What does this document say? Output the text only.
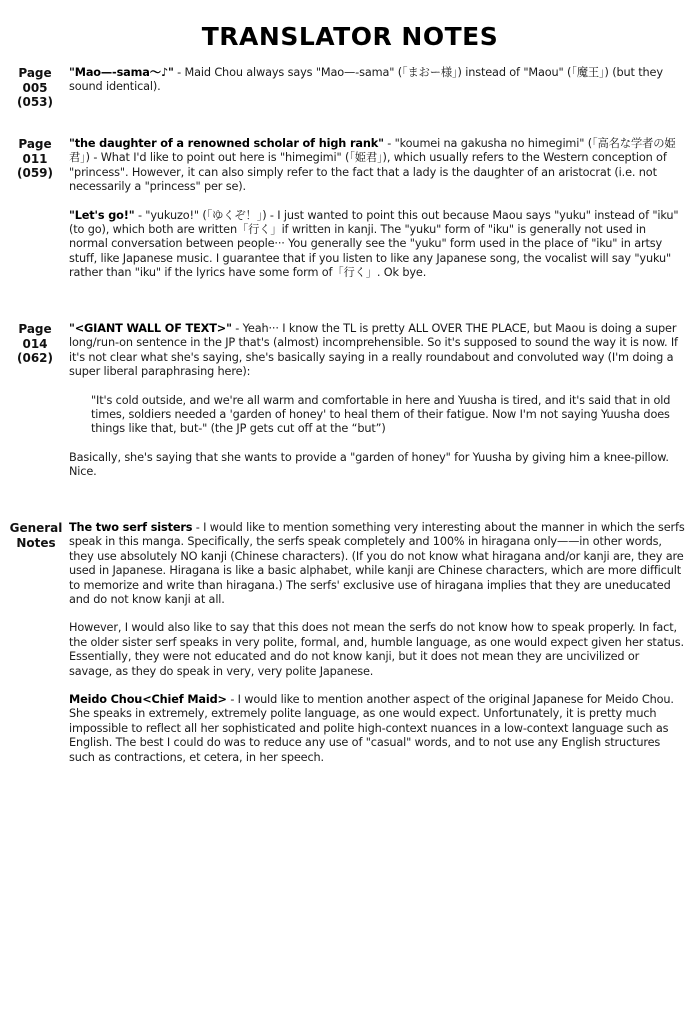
TRANSLATOR NOTES
Page
005
(053)

"Mao—-sama～♪" - Maid Chou always says "Mao—-sama" (「まおー様」) instead of "Maou" (「魔王」) (but they sound identical).

Page
011
(059)

"the daughter of a renowned scholar of high rank" - "koumei na gakusha no himegimi" (「高名な学者の姫君」) - What I'd like to point out here is "himegimi" (「姫君」), which usually refers to the Western conception of "princess". However, it can also simply refer to the fact that a lady is the daughter of an aristocrat (i.e. not necessarily a "princess" per se).

"Let's go!" - "yukuzo!" (「ゆくぞ！」) - I just wanted to point this out because Maou says "yuku" instead of "iku" (to go), which both are written「行く」if written in kanji. The "yuku" form of "iku" is generally not used in normal conversation between people··· You generally see the "yuku" form used in the place of "iku" in artsy stuff, like Japanese music. I guarantee that if you listen to like any Japanese song, the vocalist will say "yuku" rather than "iku" if the lyrics have some form of「行く」. Ok bye.

Page
014
(062)

"<GIANT WALL OF TEXT>" - Yeah··· I know the TL is pretty ALL OVER THE PLACE, but Maou is doing a super long/run-on sentence in the JP that's (almost) incomprehensible. So it's supposed to sound the way it is now. If it's not clear what she's saying, she's basically saying in a really roundabout and convoluted way (I'm doing a super liberal paraphrasing here):

"It's cold outside, and we're all warm and comfortable in here and Yuusha is tired, and it's said that in old times, soldiers needed a 'garden of honey' to heal them of their fatigue. Now I'm not saying Yuusha does things like that, but-" (the JP gets cut off at the “but”)

Basically, she's saying that she wants to provide a "garden of honey" for Yuusha by giving him a knee-pillow. Nice.

General
Notes

The two serf sisters - I would like to mention something very interesting about the manner in which the serfs speak in this manga. Specifically, the serfs speak completely and 100% in hiragana only——in other words, they use absolutely NO kanji (Chinese characters). (If you do not know what hiragana and/or kanji are, they are used in Japanese. Hiragana is like a basic alphabet, while kanji are Chinese characters, which are more difficult to memorize and write than hiragana.) The serfs' exclusive use of hiragana implies that they are uneducated and do not know kanji at all.

However, I would also like to say that this does not mean the serfs do not know how to speak properly. In fact, the older sister serf speaks in very polite, formal, and, humble language, as one would expect given her status. Essentially, they were not educated and do not know kanji, but it does not mean they are uncivilized or savage, as they do speak in very, very polite Japanese.

Meido Chou<Chief Maid> - I would like to mention another aspect of the original Japanese for Meido Chou. She speaks in extremely, extremely polite language, as one would expect. Unfortunately, it is pretty much impossible to reflect all her sophisticated and polite high-context nuances in a low-context language such as English. The best I could do was to reduce any use of "casual" words, and to not use any English structures such as contractions, et cetera, in her speech.
